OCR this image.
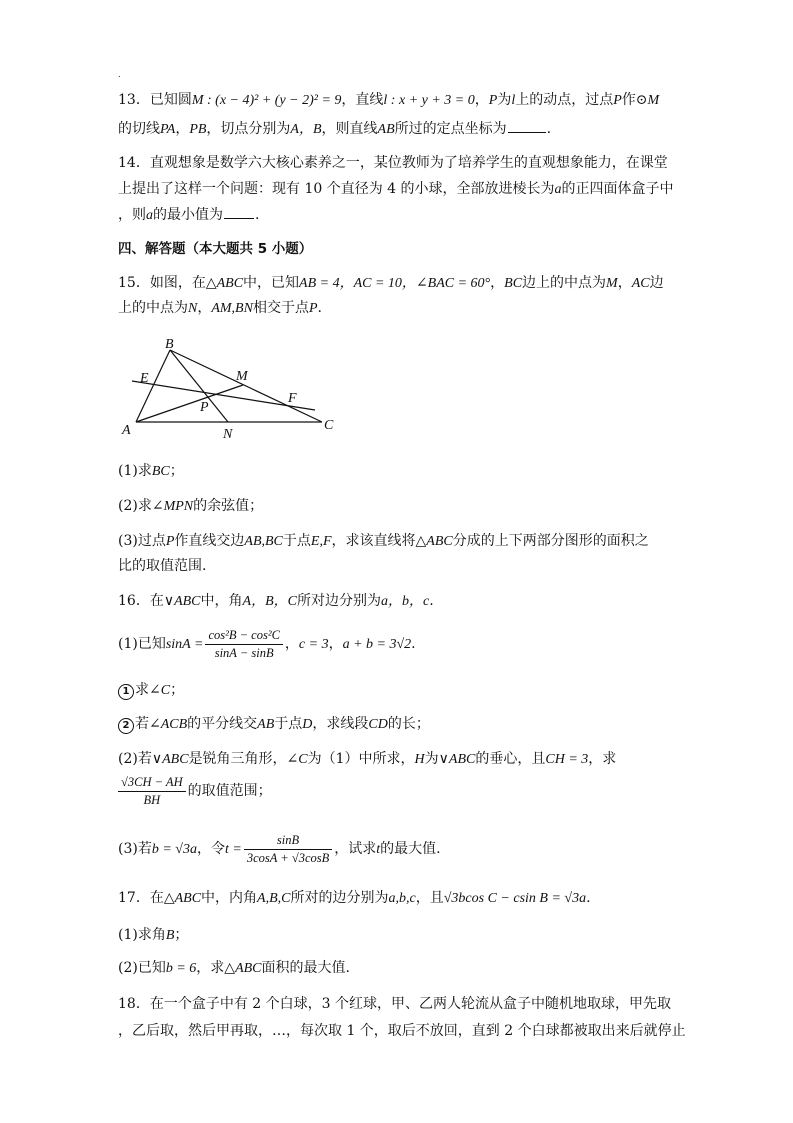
.
13．已知圆M : (x − 4)² + (y − 2)² = 9，直线l : x + y + 3 = 0，P为l上的动点，过点P作⊙M
的切线PA，PB，切点分别为A，B，则直线AB所过的定点坐标为	.
14．直观想象是数学六大核心素养之一，某位教师为了培养学生的直观想象能力，在课堂
上提出了这样一个问题：现有 10 个直径为 4 的小球，全部放进棱长为a的正四面体盒子中
，则a的最小值为 .
四、解答题（本大题共 5 小题）
15．如图，在△ABC中，已知AB = 4，AC = 10，∠BAC = 60°，BC边上的中点为M，AC边
上的中点为N，AM,BN相交于点P.
B
A	C
E	M
F
P
N
(1)求BC；
(2)求∠MPN的余弦值；
(3)过点P作直线交边AB,BC于点E,F，求该直线将△ABC分成的上下两部分图形的面积之
比的取值范围.
16．在∨ABC中，角A，B，C所对边分别为a，b，c.
(1)已知$\sin A = \frac{\text{cos²B − cos²C}}{\sin A - \sin B}$ ，c = 3，a + b = 3√2.
1 求∠C；
2 若∠ACB的平分线交AB于点D，求线段CD的长；
(2)若∨ABC是锐角三角形，∠C为（1）中所求，H为∨ABC的垂心，且CH = 3，求
$\frac{√3CH - AH}{BH}$ 的取值范围；
(3)若b = √3a，令$t = \frac{\sin B}{3\cos A + √3\cos B}$ ，试求t的最大值.
17．在△ABC中，内角A,B,C所对的边分别为a,b,c，且√3bcos C − csin B = √3a.
(1)求角B；
(2)已知b = 6，求△ABC面积的最大值.
18．在一个盒子中有 2 个白球，3 个红球，甲、乙两人轮流从盒子中随机地取球，甲先取
，乙后取，然后甲再取，…，每次取 1 个，取后不放回，直到 2 个白球都被取出来后就停止
